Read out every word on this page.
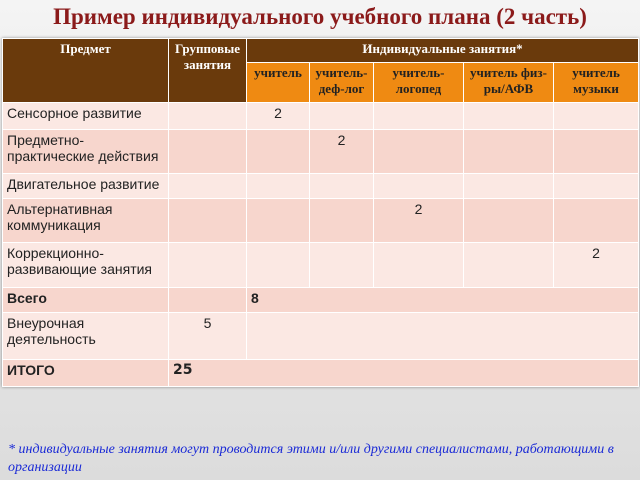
Пример индивидуального учебного плана (2 часть)
Предмет	Групповые занятия	Индивидуальные занятия*				
		учитель	учитель-деф-лог	учитель-логопед	учитель физ-ры/АФВ	учитель музыки
Сенсорное развитие		2				
Предметно-практические действия			2			
Двигательное развитие						
Альтернативная коммуникация				2		
Коррекционно-развивающие занятия						2
Всего		8				
Внеурочная деятельность	5					
ИТОГО	25					
* индивидуальные занятия могут проводится этими и/или другими специалистами, работающими в организации
